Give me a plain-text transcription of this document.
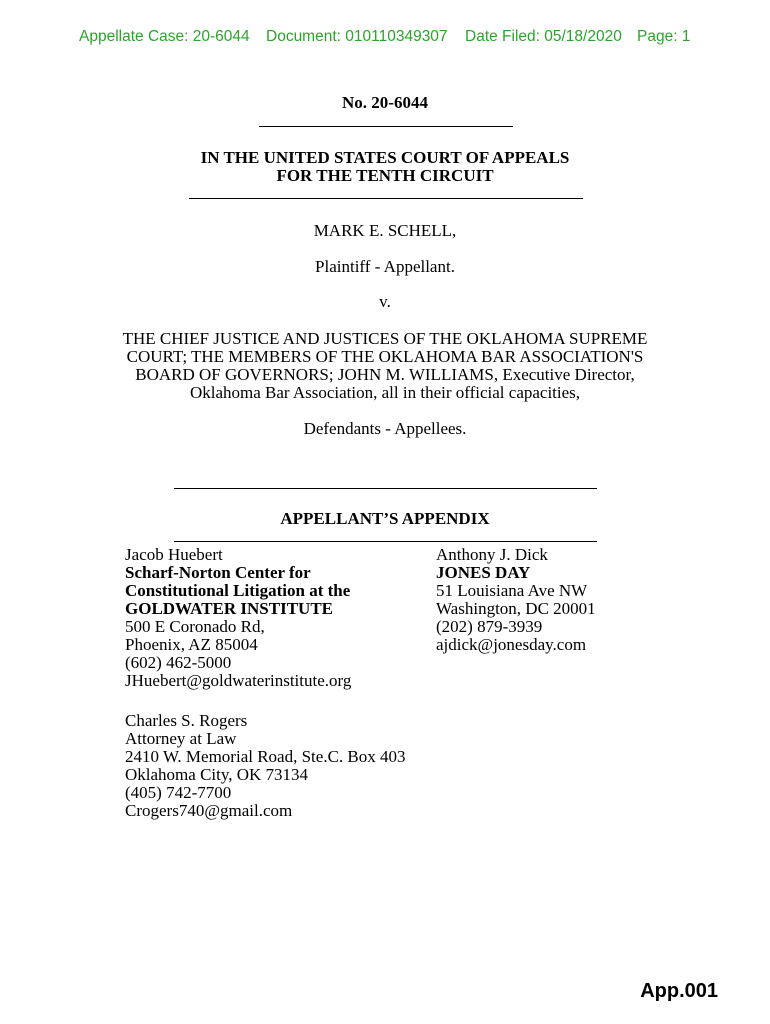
Appellate Case: 20-6044 Document: 010110349307 Date Filed: 05/18/2020 Page: 1
No. 20-6044
IN THE UNITED STATES COURT OF APPEALS
FOR THE TENTH CIRCUIT
MARK E. SCHELL,
Plaintiff - Appellant.
v.
THE CHIEF JUSTICE AND JUSTICES OF THE OKLAHOMA SUPREME
COURT; THE MEMBERS OF THE OKLAHOMA BAR ASSOCIATION'S
BOARD OF GOVERNORS; JOHN M. WILLIAMS, Executive Director,
Oklahoma Bar Association, all in their official capacities,
Defendants - Appellees.
APPELLANT’S APPENDIX
Jacob Huebert
Scharf-Norton Center for
Constitutional Litigation at the
GOLDWATER INSTITUTE
500 E Coronado Rd,
Phoenix, AZ 85004
(602) 462-5000
JHuebert@goldwaterinstitute.org
Anthony J. Dick
JONES DAY
51 Louisiana Ave NW
Washington, DC 20001
(202) 879-3939
ajdick@jonesday.com
Charles S. Rogers
Attorney at Law
2410 W. Memorial Road, Ste.C. Box 403
Oklahoma City, OK 73134
(405) 742-7700
Crogers740@gmail.com
App.001
